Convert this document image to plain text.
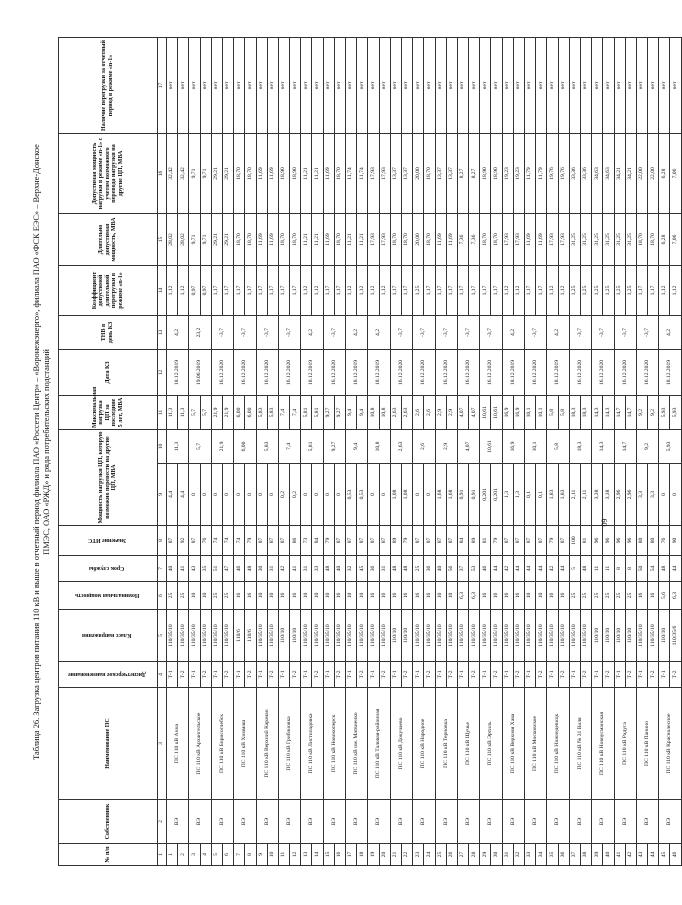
Таблица 26. Загрузка центров питания 110 кВ и выше в отчетный период филиала ПАО «Россети Центр» – «Воронежэнерго», филиала ПАО «ФСК ЕЭС» – Верхне-Донское ПМЭС, ОАО «РЖД» и ряда потребительских подстанций
№ п/п	Собственник	Наименование ПС	Диспетчерское наименование	Класс напряжения	Номинальная мощность	Срок службы	Значение ИТС	Мощность нагрузки ЦП, которую возможно перевести на другие ЦП, МВА		Максимальная нагрузка ЦП за последние 5 лет, МВА	Дата КЗ	ТНВ в день КЗ	Коэффициент допустимой длительной перегрузки в режиме «n-1»	Длительно допустимая мощность, МВА	Допустимая мощность нагрузки в режиме «n-1» с учетом возможного перевода нагрузки на другие ЦП, МВА	Наличие перегрузки за отчетный период в режиме «n-1»
1	2	3	4	5	6	7	8	9	10	11	12	13	14	15	16	17
1	ВЭ	ПС 110 кВ Анна	Т-1	110/35/10	25	40	87	4,4	11,3	11,3	18.12.2019	4,2	1,12	28,02	32,42	нет
2			Т-2	110/35/10	25	41	92	4,4		11,3			1,12	28,02	32,42	нет
3	ВЭ	ПС 110 кВ Архангельское	Т-1	110/35/10	10	43	87	0	5,7	5,7	19.06.2019	23,2	0,97	9,71	9,71	нет
4			Т-2	110/35/10	10	35	76	0		5,7			0,97	9,71	9,71	нет
5	ВЭ	ПС 110 кВ Борисоглебск	Т-1	110/35/10	25	51	74	0	21,9	21,9	16.12.2020	-3,7	1,17	29,21	29,21	нет
6			Т-2	110/35/10	25	47	74	0		21,9			1,17	29,21	29,21	нет
7	ВЭ	ПС 110 кВ Химмаш	Т-1	110/6	16	46	74	0	6,00	6,00	16.12.2020	-3,7	1,17	18,70	18,70	нет
8			Т-2	110/6	16	48	79	0		6,00			1,17	18,70	18,70	нет
9	ВЭ	ПС 110 кВ Верхний Карачан	Т-1	110/35/10	10	30	87	0	5,83	5,83	16.12.2020	-3,7	1,17	11,69	11,69	нет
10			Т-2	110/35/10	10	31	87	0		5,83			1,17	11,69	11,69	нет
11	ВЭ	ПС 110 кВ Грибановка	Т-1	110/10	16	42	87	0,2	7,4	7,4	16.12.2020	-3,7	1,17	18,70	18,90	нет
12			Т-2	110/10	16	41	86	0,2		7,4			1,17	18,70	18,90	нет
13	ВЭ	ПС 110 кВ Листопадовка	Т-1	110/35/10	10	31	73	0	5,81	5,81	18.12.2019	4,2	1,12	11,21	11,21	нет
14			Т-2	110/35/10	10	33	84	0		5,81			1,12	11,21	11,21	нет
15	ВЭ	ПС 110 кВ Новохоперск	Т-1	110/35/10	10	48	79	0	9,27	9,27	16.12.2020	-3,7	1,17	11,69	11,69	нет
16			Т-2	110/35/10	16	40	87	0		9,27			1,17	18,70	18,70	нет
17	ВЭ	ПС 110 кВ им. Матвиенко	Т-1	110/35/10	10	32	87	0,53	9,4	9,4	18.12.2019	4,2	1,12	11,21	11,74	нет
18			Т-2	110/35/10	10	45	87	0,53		9,4			1,12	11,21	11,74	нет
19	ВЭ	ПС 110 кВ Таловая-районная	Т-1	110/35/10	16	36	87	0	10,8	10,8	18.12.2019	4,2	1,12	17,93	17,93	нет
20			Т-2	110/35/10	16	31	87	0		10,8			1,12	17,93	17,93	нет
21	ВЭ	ПС 110 кВ Докучаево	Т-1	110/10	16	48	89	1,08	2,63	2,63	16.12.2020	-3,7	1,17	18,70	13,37	нет
22			Т-2	110/10	16	48	79	1,08		2,63			1,17	18,70	13,37	нет
23	ВЭ	ПС 110 кВ Народное	Т-1	110/35/10	16	25	87	0	2,6	2,6	16.12.2020	-3,7	1,25	20,00	20,00	нет
24			Т-2	110/35/10	16	36	87	0		2,6			1,17	18,70	18,70	нет
25	ВЭ	ПС 110 кВ Терновка	Т-1	110/35/10	10	40	87	1,68	2,9	2,9	16.12.2020	-3,7	1,17	11,69	13,37	нет
26			Т-2	110/35/10	10	56	87	1,68		2,9			1,17	11,69	13,37	нет
27	ВЭ	ПС 110 кВ Щучье	Т-1	110/35/10	6,3	37	84	0,91	4,07	4,07	16.12.2020	-3,7	1,17	7,36	8,27	нет
28			Т-2	110/35/10	6,3	53	89	0,91		4,07			1,17	7,36	8,27	нет
29	ВЭ	ПС 110 кВ Эртиль	Т-1	110/35/10	16	46	81	0,201	10,61	10,61	16.12.2020	-3,7	1,17	18,70	18,90	нет
30			Т-2	110/35/10	16	44	79	0,201		10,61			1,17	18,70	18,90	нет
31	ВЭ	ПС 110 кВ Верхняя Хава	Т-1	110/35/10	16	42	87	1,3	16,9	16,9	18.12.2019	4,2	1,12	17,93	19,23	нет
32			Т-2	110/35/10	16	44	87	1,3		16,9			1,12	17,93	19,23	нет
33	ВЭ	ПС 110 кВ Московское	Т-1	110/35/10	10	44	87	0,1	10,1	10,1	16.12.2020	-3,7	1,17	11,69	11,79	нет
34			Т-2	110/35/10	10	44	87	0,1		10,1			1,17	11,69	11,79	нет
35	ВЭ	ПС 110 кВ Нижнедевицк	Т-1	110/35/10	16	42	79	1,83	5,8	5,8	18.12.2019	4,2	1,12	17,93	19,76	нет
36			Т-2	110/35/10	16	44	87	1,83		5,8			1,12	17,93	19,76	нет
37	ВЭ	ПС 110 кВ № 31 Воля	Т-1	110/35/10	25	5	100	2,11	18,3	18,3	16.12.2020	-3,7	1,25	31,25	33,36	нет
38			Т-2	110/35/10	25	48	81	2,11		18,3			1,25	31,25	33,36	нет
39	ВЭ	ПС 110 кВ Новоусманская	Т-1	110/10	25	11	96	3,38	14,3	14,3	16.12.2020	-3,7	1,25	31,25	34,63	нет
40			Т-2	110/10	25	11	96	3,38		14,3			1,25	31,25	34,63	нет
41	ВЭ	ПС 110 кВ Радуга	Т-1	110/10	25	8	96	2,96	14,7	14,7	16.12.2020	-3,7	1,25	31,25	34,21	нет
42			Т-2	110/10	25	8	96	2,96		14,7			1,25	31,25	34,21	нет
43	ВЭ	ПС 110 кВ Панино	Т-1	110/35/10	16	50	80	3,3	9,2	9,2	16.12.2020	-3,7	1,17	18,70	22,00	нет
44			Т-2	110/35/10	16	54	80	3,3		9,2			1,17	18,70	22,00	нет
45	ВЭ	ПС 110 кВ Краснолесное	Т-1	110/10	5,6	48	76	0	5,93	5,93	18.12.2019	4,2	1,12	6,28	6,28	нет
46			Т-2	110/35/6	6,3	44	90	0		5,93			1,12	7,06	7,06	нет
60
